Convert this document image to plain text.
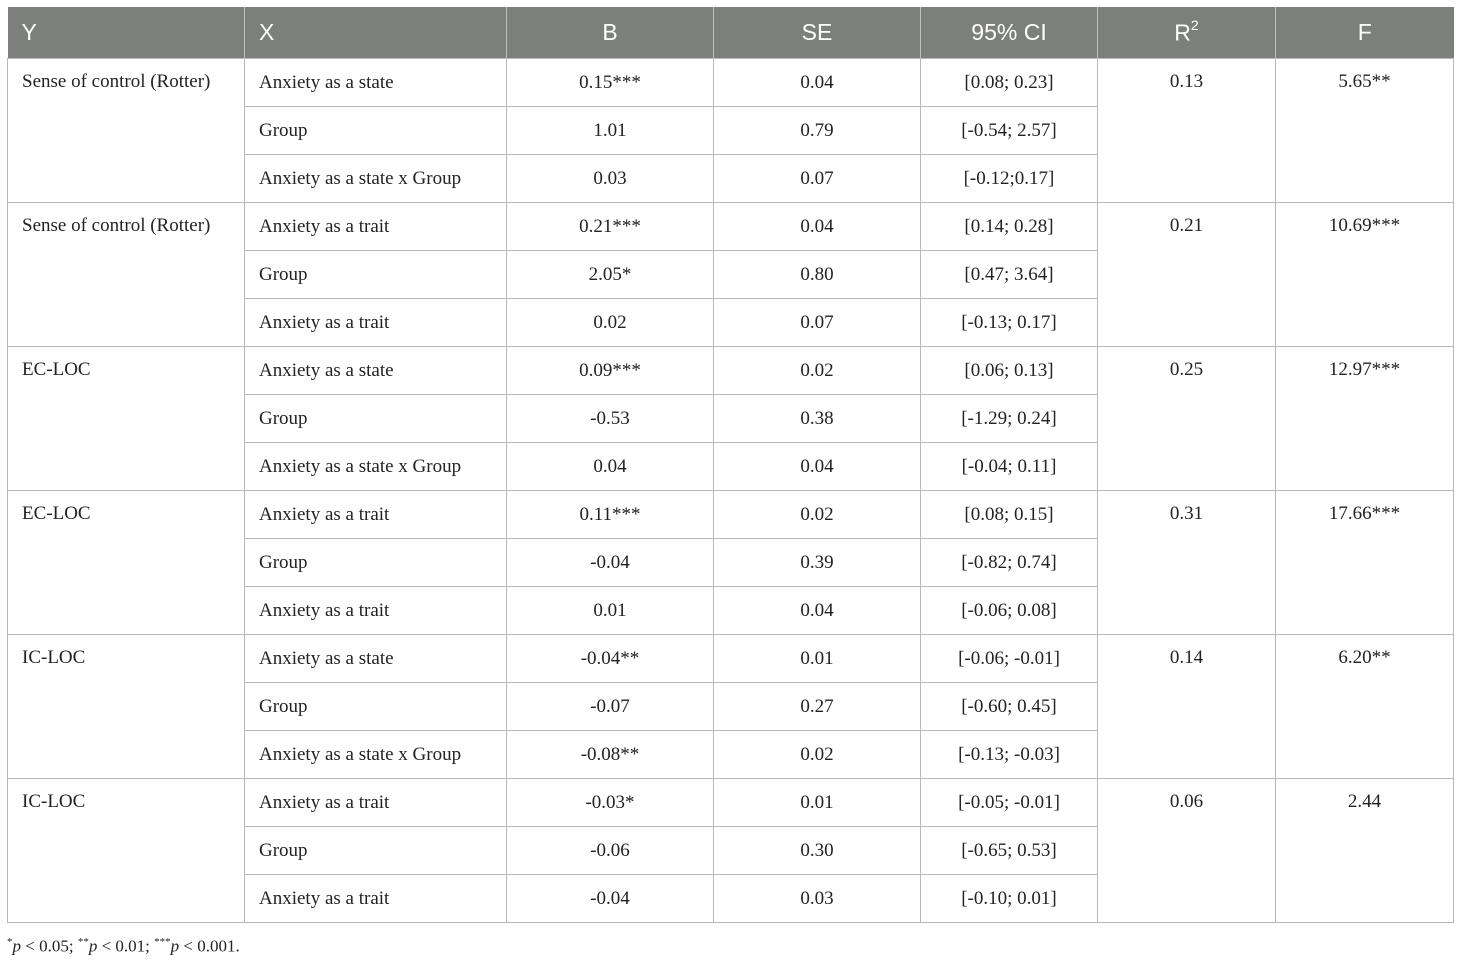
Y	X	B	SE	95% CI	$R^2$	F
Sense of control (Rotter)	Anxiety as a state	0.15***	0.04	[0.08; 0.23]	0.13	5.65**
	Group	1.01	0.79	[-0.54; 2.57]		
	Anxiety as a state x Group	0.03	0.07	[-0.12;0.17]		
Sense of control (Rotter)	Anxiety as a trait	0.21***	0.04	[0.14; 0.28]	0.21	10.69***
	Group	2.05*	0.80	[0.47; 3.64]		
	Anxiety as a trait	0.02	0.07	[-0.13; 0.17]		
EC-LOC	Anxiety as a state	0.09***	0.02	[0.06; 0.13]	0.25	12.97***
	Group	-0.53	0.38	[-1.29; 0.24]		
	Anxiety as a state x Group	0.04	0.04	[-0.04; 0.11]		
EC-LOC	Anxiety as a trait	0.11***	0.02	[0.08; 0.15]	0.31	17.66***
	Group	-0.04	0.39	[-0.82; 0.74]		
	Anxiety as a trait	0.01	0.04	[-0.06; 0.08]		
IC-LOC	Anxiety as a state	-0.04**	0.01	[-0.06; -0.01]	0.14	6.20**
	Group	-0.07	0.27	[-0.60; 0.45]		
	Anxiety as a state x Group	-0.08**	0.02	[-0.13; -0.03]		
IC-LOC	Anxiety as a trait	-0.03*	0.01	[-0.05; -0.01]	0.06	2.44
	Group	-0.06	0.30	[-0.65; 0.53]		
	Anxiety as a trait	-0.04	0.03	[-0.10; 0.01]		
*p < 0.05; **p < 0.01; ***p < 0.001.
